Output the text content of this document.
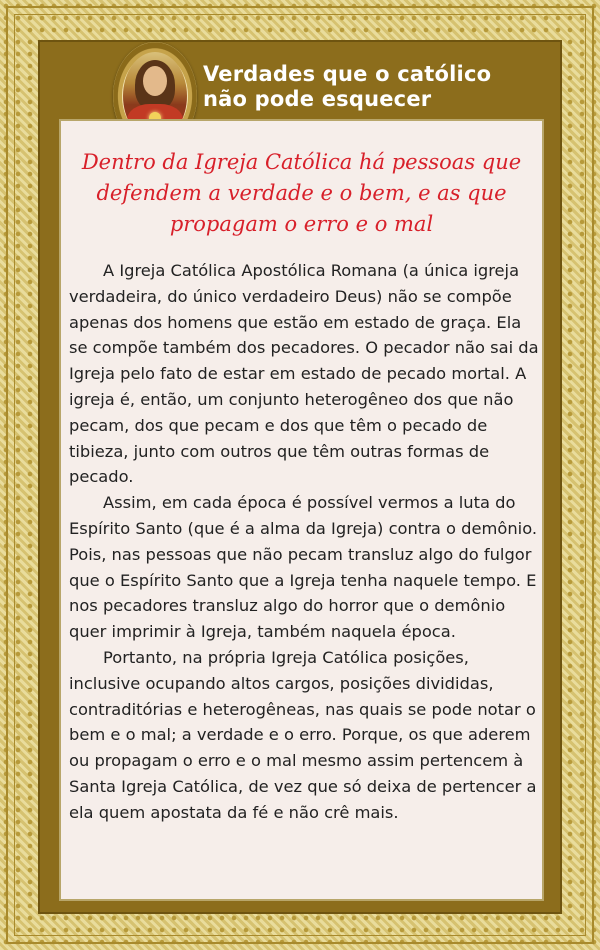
Verdades que o católico
não pode esquecer
Dentro da Igreja Católica há pessoas que defendem a verdade e o bem, e as que propagam o erro e o mal

A Igreja Católica Apostólica Romana (a única igreja verdadeira, do único verdadeiro Deus) não se compõe apenas dos homens que estão em estado de graça. Ela se compõe também dos pecadores. O pecador não sai da Igreja pelo fato de estar em estado de pecado mortal. A igreja é, então, um conjunto heterogêneo dos que não pecam, dos que pecam e dos que têm o pecado de tibieza, junto com outros que têm outras formas de pecado.

Assim, em cada época é possível vermos a luta do Espírito Santo (que é a alma da Igreja) contra o demônio. Pois, nas pessoas que não pecam transluz algo do fulgor que o Espírito Santo que a Igreja tenha naquele tempo. E nos pecadores transluz algo do horror que o demônio quer imprimir à Igreja, também naquela época.

Portanto, na própria Igreja Católica posições, inclusive ocupando altos cargos, posições divididas, contraditórias e heterogêneas, nas quais se pode notar o bem e o mal; a verdade e o erro. Porque, os que aderem ou propagam o erro e o mal mesmo assim pertencem à Santa Igreja Católica, de vez que só deixa de pertencer a ela quem apostata da fé e não crê mais.
